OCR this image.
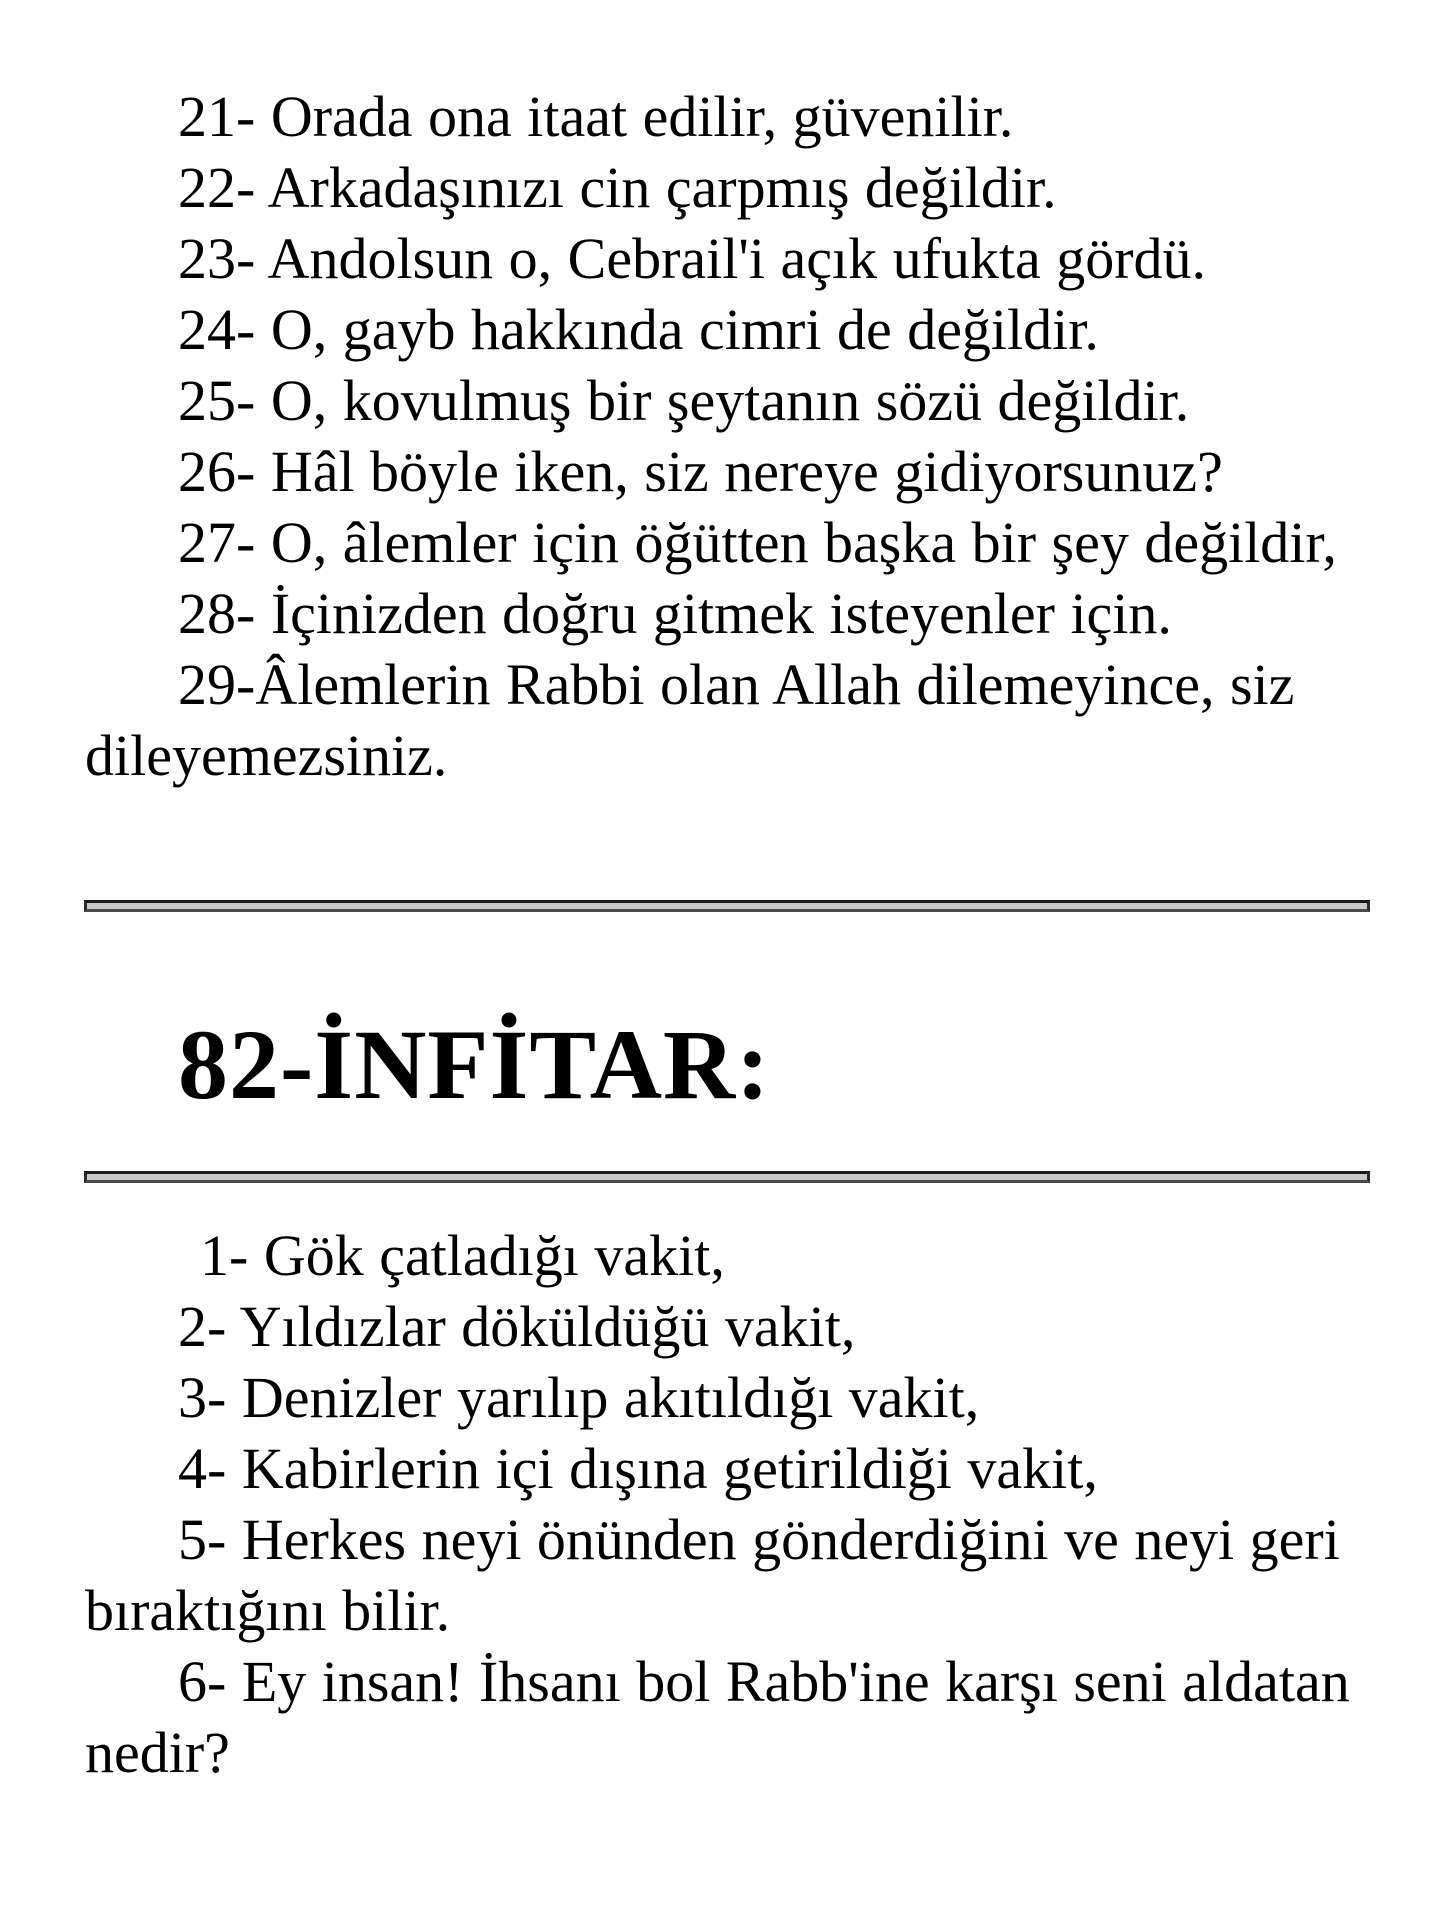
21- Orada ona itaat edilir, güvenilir.

22- Arkadaşınızı cin çarpmış değildir.

23- Andolsun o, Cebrail'i açık ufukta gördü.

24- O, gayb hakkında cimri de değildir.

25- O, kovulmuş bir şeytanın sözü değildir.

26- Hâl böyle iken, siz nereye gidiyorsunuz?

27- O, âlemler için öğütten başka bir şey değildir,

28- İçinizden doğru gitmek isteyenler için.

29-Âlemlerin Rabbi olan Allah dilemeyince, siz dileyemezsiniz.

82-İNFİTAR:

1- Gök çatladığı vakit,

2- Yıldızlar döküldüğü vakit,

3- Denizler yarılıp akıtıldığı vakit,

4- Kabirlerin içi dışına getirildiği vakit,

5- Herkes neyi önünden gönderdiğini ve neyi geri bıraktığını bilir.

6- Ey insan! İhsanı bol Rabb'ine karşı seni aldatan nedir?
